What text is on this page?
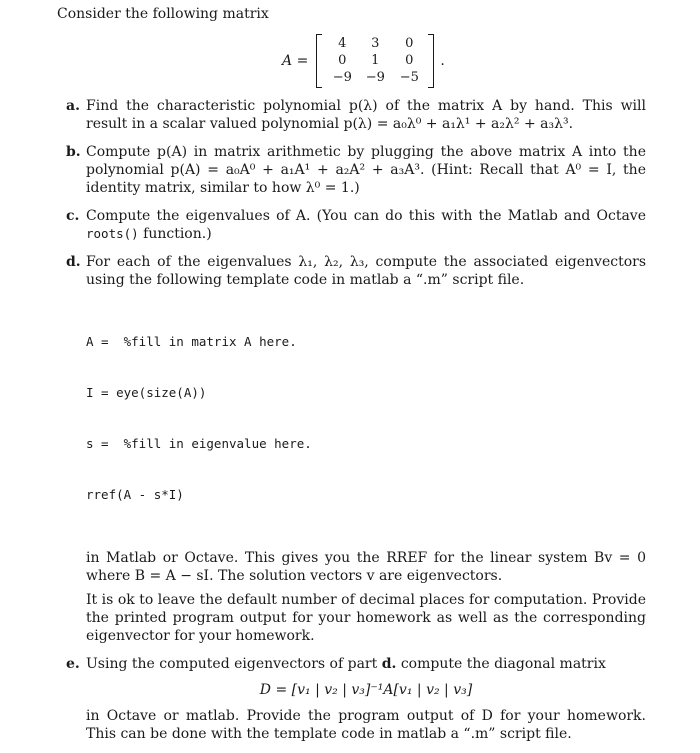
Consider the following matrix
A =
4	3	0
0	1	0
−9	−9	−5
.
a. Find the characteristic polynomial p(λ) of the matrix A by hand. This will result in a scalar valued polynomial p(λ) = a₀λ⁰ + a₁λ¹ + a₂λ² + a₃λ³.

b. Compute p(A) in matrix arithmetic by plugging the above matrix A into the polynomial p(A) = a₀A⁰ + a₁A¹ + a₂A² + a₃A³. (Hint: Recall that A⁰ = I, the identity matrix, similar to how λ⁰ = 1.)

c. Compute the eigenvalues of A. (You can do this with the Matlab and Octave roots() function.)

d. For each of the eigenvalues λ₁, λ₂, λ₃, compute the associated eigenvectors using the following template code in matlab a “.m” script file.

A =  %fill in matrix A here.

I = eye(size(A))

s =  %fill in eigenvalue here.

rref(A - s*I)

in Matlab or Octave. This gives you the RREF for the linear system Bv = 0 where B = A − sI. The solution vectors v are eigenvectors.

It is ok to leave the default number of decimal places for computation. Provide the printed program output for your homework as well as the corresponding eigenvector for your homework.

e. Using the computed eigenvectors of part d. compute the diagonal matrix

D = [v₁ | v₂ | v₃]⁻¹A[v₁ | v₂ | v₃]

in Octave or matlab. Provide the program output of D for your homework. This can be done with the template code in matlab a “.m” script file.
